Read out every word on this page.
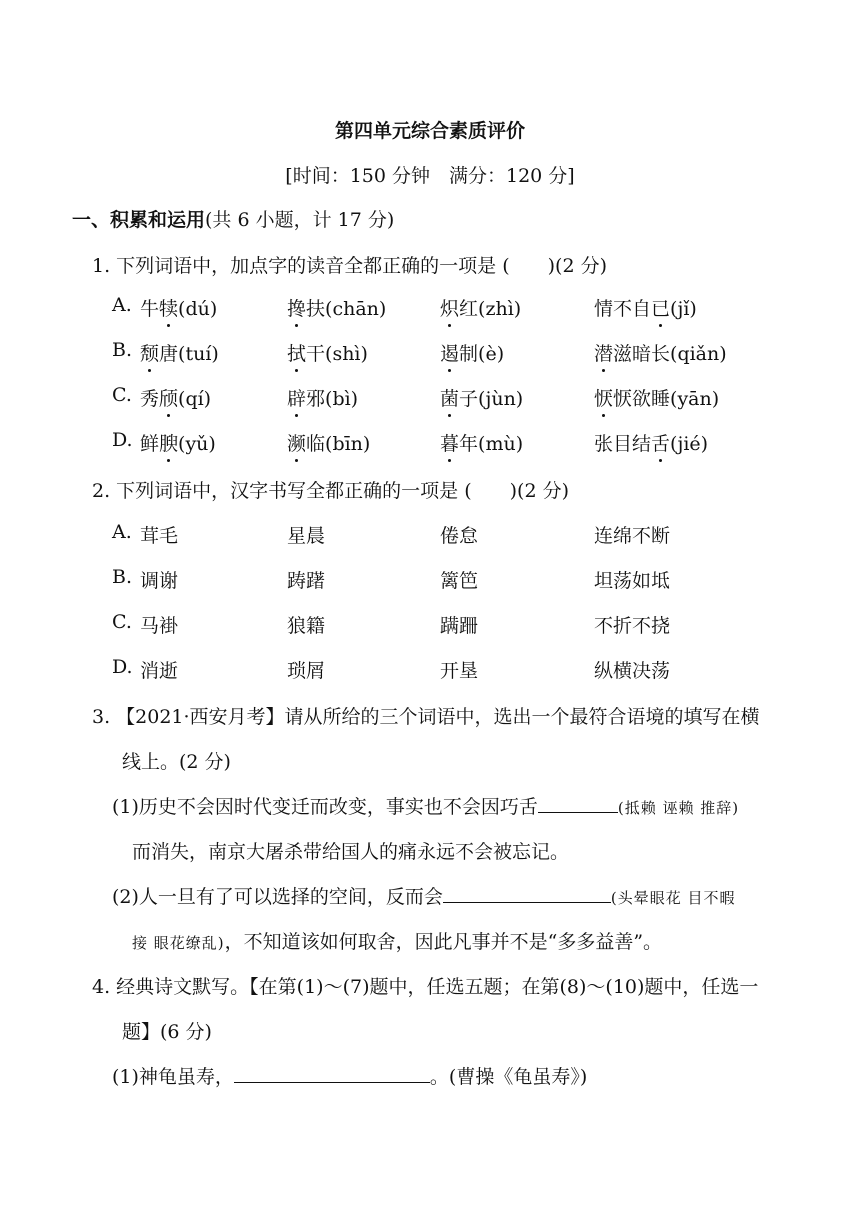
第四单元综合素质评价
[时间：150 分钟　满分：120 分]
一、积累和运用(共 6 小题，计 17 分)
1. 下列词语中，加点字的读音全都正确的一项是 (　　)(2 分)
A. 牛犊(dú)	搀扶(chān)	炽红(zhì)	情不自已(jǐ)
B. 颓唐(tuí)	拭干(shì)	遏制(è)	潜滋暗长(qiǎn)
C. 秀颀(qí)	辟邪(bì)	菌子(jùn)	恹恹欲睡(yān)
D. 鲜腴(yǔ)	濒临(bīn)	暮年(mù)	张目结舌(jié)
2. 下列词语中，汉字书写全都正确的一项是 (　　)(2 分)
A. 茸毛	星晨	倦怠	连绵不断
B. 调谢	踌躇	篱笆	坦荡如坻
C. 马褂	狼籍	蹒跚	不折不挠
D. 消逝	琐屑	开垦	纵横决荡
3. 【2021·西安月考】请从所给的三个词语中，选出一个最符合语境的填写在横
线上。(2 分)
(1)历史不会因时代变迁而改变，事实也不会因巧舌	(抵赖 诬赖 推辞)
而消失，南京大屠杀带给国人的痛永远不会被忘记。
(2)人一旦有了可以选择的空间，反而会	(头晕眼花 目不暇
接 眼花缭乱)，不知道该如何取舍，因此凡事并不是“多多益善”。
4. 经典诗文默写。【在第(1)～(7)题中，任选五题；在第(8)～(10)题中，任选一
题】(6 分)
(1)神龟虽寿，	。(曹操《龟虽寿》)
